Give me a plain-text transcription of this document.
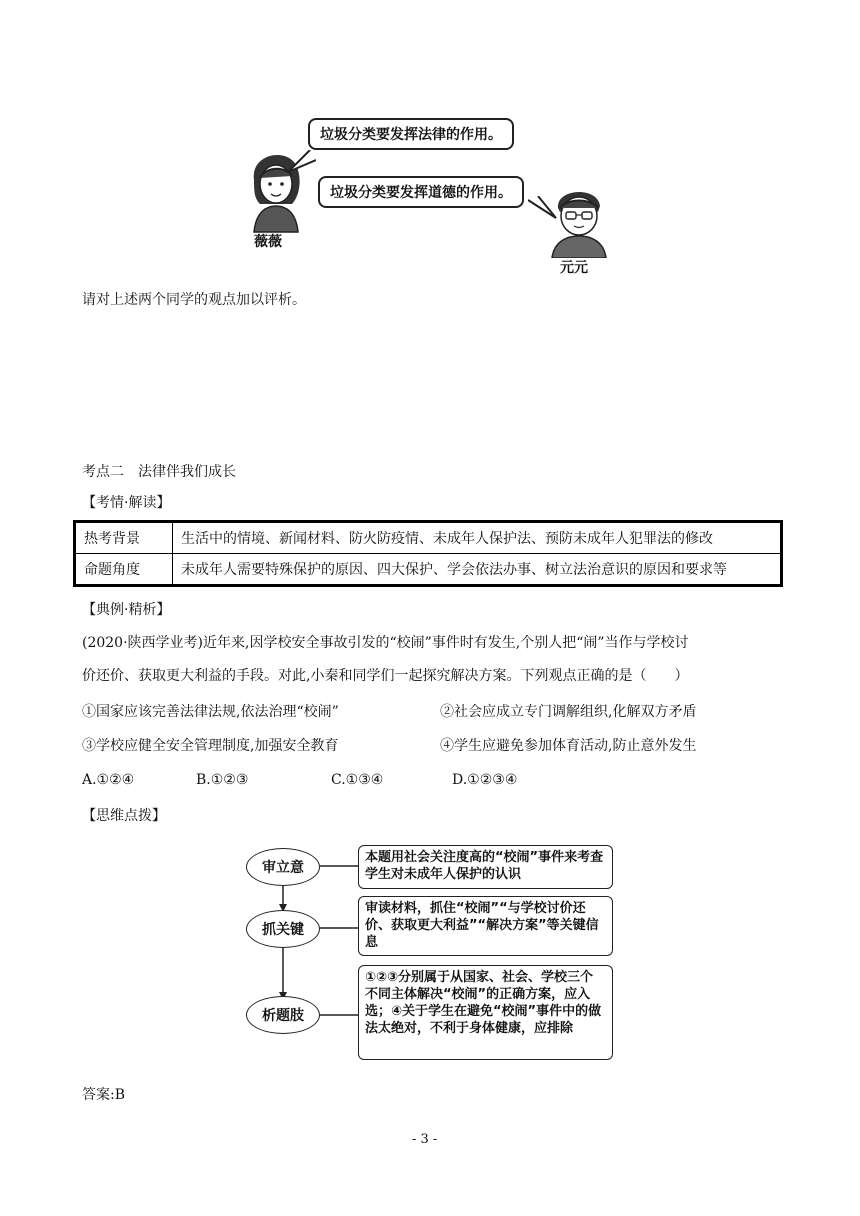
薇薇
垃圾分类要发挥法律的作用。
垃圾分类要发挥道德的作用。
元元
请对上述两个同学的观点加以评析。
考点二　法律伴我们成长
【考情·解读】
热考背景	生活中的情境、新闻材料、防火防疫情、未成年人保护法、预防未成年人犯罪法的修改
命题角度	未成年人需要特殊保护的原因、四大保护、学会依法办事、树立法治意识的原因和要求等
【典例·精析】
(2020·陕西学业考)近年来,因学校安全事故引发的“校闹”事件时有发生,个别人把“闹”当作与学校讨
价还价、获取更大利益的手段。对此,小秦和同学们一起探究解决方案。下列观点正确的是（　　）
①国家应该完善法律法规,依法治理“校闹”	②社会应成立专门调解组织,化解双方矛盾
③学校应健全安全管理制度,加强安全教育	④学生应避免参加体育活动,防止意外发生
A.①②④	B.①②③	C.①③④	D.①②③④
【思维点拨】
审立意
抓关键
析题肢
本题用社会关注度高的“校闹”事件来考查学生对未成年人保护的认识
审读材料，抓住“校闹”“与学校讨价还价、获取更大利益”“解决方案”等关键信息
①②③分别属于从国家、社会、学校三个不同主体解决“校闹”的正确方案，应入选；④关于学生在避免“校闹”事件中的做法太绝对，不利于身体健康，应排除
答案:B
- 3 -
